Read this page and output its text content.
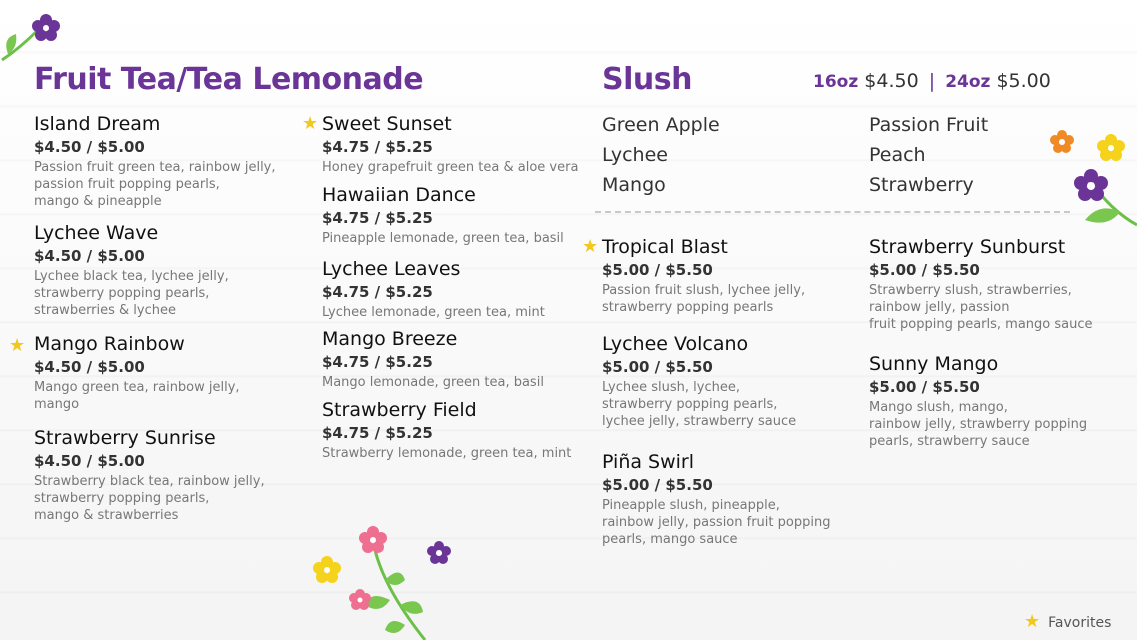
Fruit Tea/Tea Lemonade	Slush	16oz $4.50 | 24oz $5.00
Green Apple
Lychee
Mango
Passion Fruit
Peach
Strawberry
Island Dream
$4.50 / $5.00
Passion fruit green tea, rainbow jelly,
passion fruit popping pearls,
mango & pineapple
Lychee Wave
$4.50 / $5.00
Lychee black tea, lychee jelly,
strawberry popping pearls,
strawberries & lychee
★ Mango Rainbow
$4.50 / $5.00
Mango green tea, rainbow jelly,
mango
Strawberry Sunrise
$4.50 / $5.00
Strawberry black tea, rainbow jelly,
strawberry popping pearls,
mango & strawberries
★ Sweet Sunset
$4.75 / $5.25
Honey grapefruit green tea & aloe vera
Hawaiian Dance
$4.75 / $5.25
Pineapple lemonade, green tea, basil
Lychee Leaves
$4.75 / $5.25
Lychee lemonade, green tea, mint
Mango Breeze
$4.75 / $5.25
Mango lemonade, green tea, basil
Strawberry Field
$4.75 / $5.25
Strawberry lemonade, green tea, mint
★ Tropical Blast
$5.00 / $5.50
Passion fruit slush, lychee jelly,
strawberry popping pearls
Lychee Volcano
$5.00 / $5.50
Lychee slush, lychee,
strawberry popping pearls,
lychee jelly, strawberry sauce
Piña Swirl
$5.00 / $5.50
Pineapple slush, pineapple,
rainbow jelly, passion fruit popping
pearls, mango sauce
Strawberry Sunburst
$5.00 / $5.50
Strawberry slush, strawberries,
rainbow jelly, passion
fruit popping pearls, mango sauce
Sunny Mango
$5.00 / $5.50
Mango slush, mango,
rainbow jelly, strawberry popping
pearls, strawberry sauce
★ Favorites
